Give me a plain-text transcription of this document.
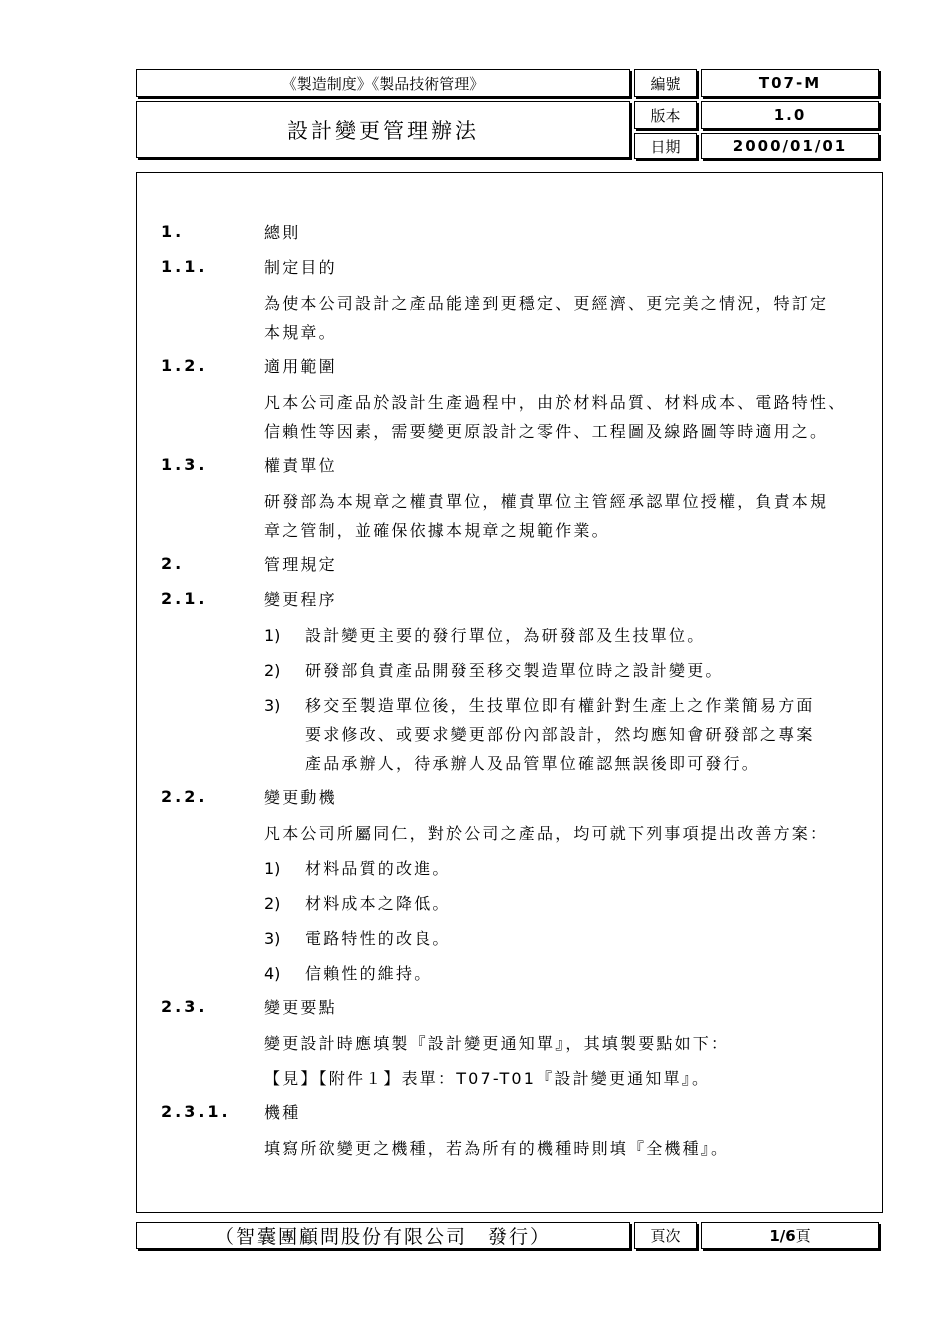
《製造制度》《製品技術管理》
設計變更管理辦法
編號	T07-M
版本	1.0
日期	2000/01/01
1.	總則
1.1.	制定目的
為使本公司設計之產品能達到更穩定、更經濟、更完美之情況，特訂定
本規章。
1.2.	適用範圍
凡本公司產品於設計生產過程中，由於材料品質、材料成本、電路特性、
信賴性等因素，需要變更原設計之零件、工程圖及線路圖等時適用之。
1.3.	權責單位
研發部為本規章之權責單位，權責單位主管經承認單位授權，負責本規
章之管制，並確保依據本規章之規範作業。
2.	管理規定
2.1.	變更程序
1) 設計變更主要的發行單位，為研發部及生技單位。
2) 研發部負責產品開發至移交製造單位時之設計變更。
3) 移交至製造單位後，生技單位即有權針對生產上之作業簡易方面
要求修改、或要求變更部份內部設計，然均應知會研發部之專案
產品承辦人，待承辦人及品管單位確認無誤後即可發行。
2.2.	變更動機
凡本公司所屬同仁，對於公司之產品，均可就下列事項提出改善方案：
1) 材料品質的改進。
2) 材料成本之降低。
3) 電路特性的改良。
4) 信賴性的維持。
2.3.	變更要點
變更設計時應填製『設計變更通知單』，其填製要點如下：
【見】【附件１】表單：T07-T01『設計變更通知單』。
2.3.1. 機種
填寫所欲變更之機種，若為所有的機種時則填『全機種』。
（智囊團顧問股份有限公司　發行）	頁次	1/6 頁
